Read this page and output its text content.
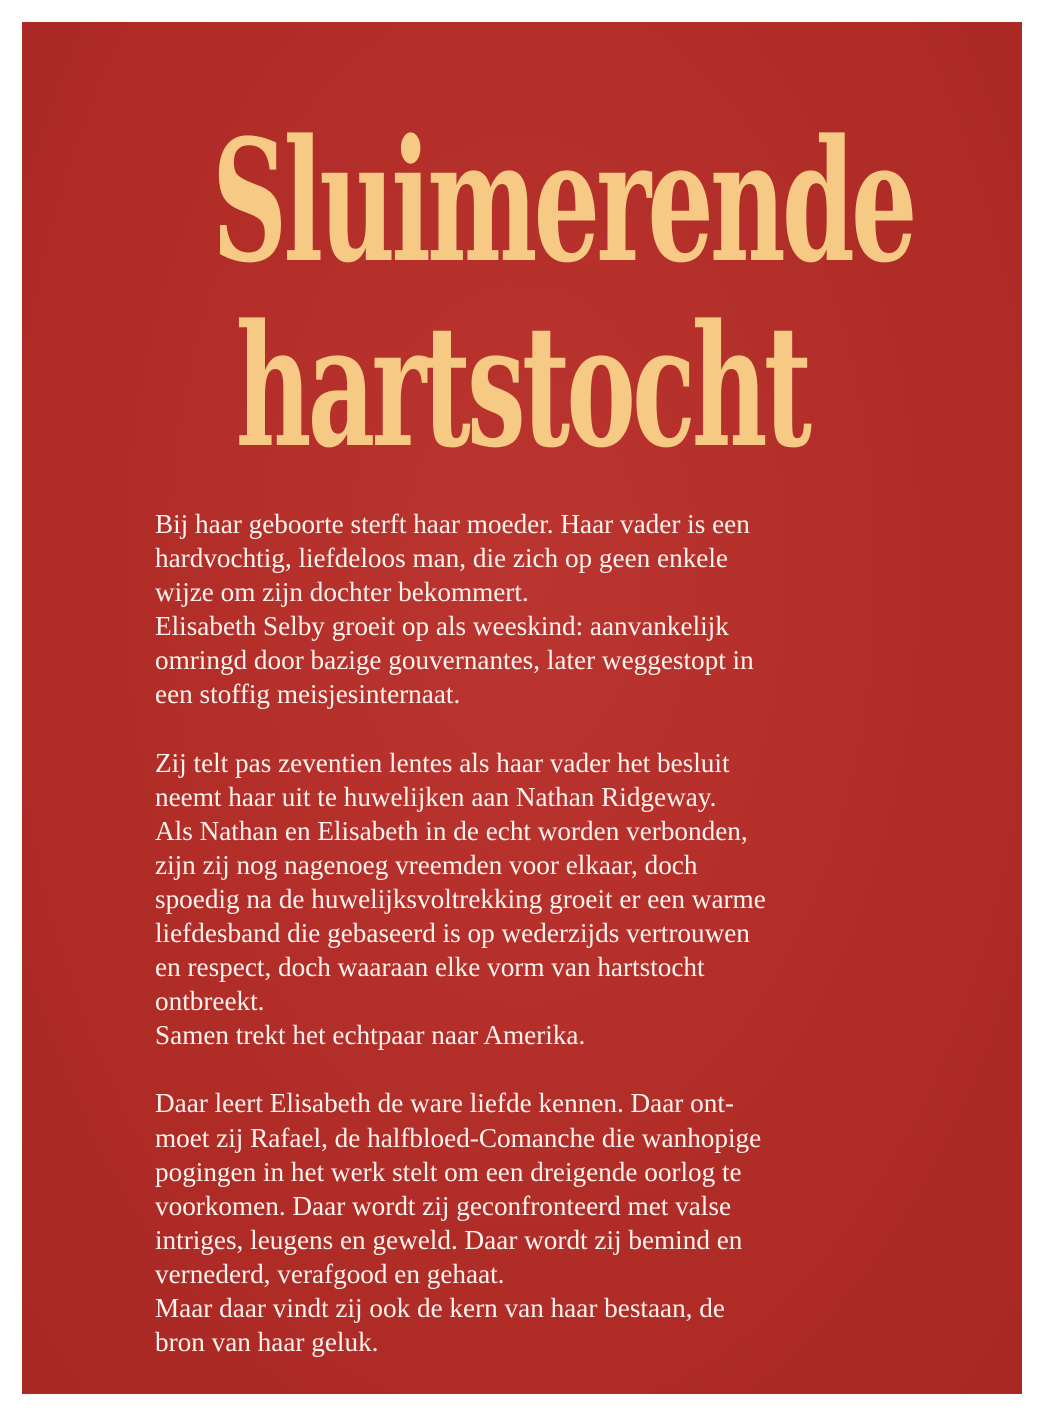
Sluimerende
hartstocht

Bij haar geboorte sterft haar moeder. Haar vader is een
hardvochtig, liefdeloos man, die zich op geen enkele
wijze om zijn dochter bekommert.
Elisabeth Selby groeit op als weeskind: aanvankelijk
omringd door bazige gouvernantes, later weggestopt in
een stoffig meisjesinternaat.

Zij telt pas zeventien lentes als haar vader het besluit
neemt haar uit te huwelijken aan Nathan Ridgeway.
Als Nathan en Elisabeth in de echt worden verbonden,
zijn zij nog nagenoeg vreemden voor elkaar, doch
spoedig na de huwelijksvoltrekking groeit er een warme
liefdesband die gebaseerd is op wederzijds vertrouwen
en respect, doch waaraan elke vorm van hartstocht
ontbreekt.
Samen trekt het echtpaar naar Amerika.

Daar leert Elisabeth de ware liefde kennen. Daar ont-
moet zij Rafael, de halfbloed-Comanche die wanhopige
pogingen in het werk stelt om een dreigende oorlog te
voorkomen. Daar wordt zij geconfronteerd met valse
intriges, leugens en geweld. Daar wordt zij bemind en
vernederd, verafgood en gehaat.
Maar daar vindt zij ook de kern van haar bestaan, de
bron van haar geluk.
